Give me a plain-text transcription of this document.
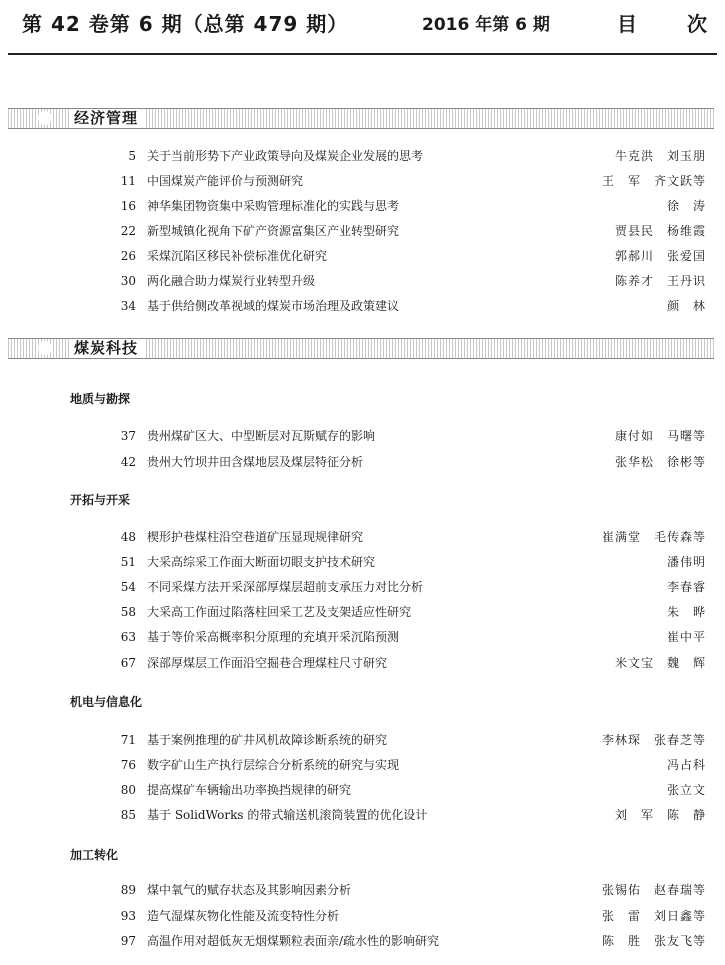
第 42 卷第 6 期（总第 479 期）	2016 年第 6 期	目	次
经济管理
5 关于当前形势下产业政策导向及煤炭企业发展的思考	牛克洪　刘玉朋
11 中国煤炭产能评价与预测研究	王　军　齐文跃等
16 神华集团物资集中采购管理标准化的实践与思考	徐　涛
22 新型城镇化视角下矿产资源富集区产业转型研究	贾县民　杨维霞
26 采煤沉陷区移民补偿标准优化研究	郭郝川　张爱国
30 两化融合助力煤炭行业转型升级	陈养才　王丹识
34 基于供给侧改革视域的煤炭市场治理及政策建议	颜　林
煤炭科技
地质与勘探
37 贵州煤矿区大、中型断层对瓦斯赋存的影响	康付如　马曙等
42 贵州大竹坝井田含煤地层及煤层特征分析	张华松　徐彬等
开拓与开采
48 楔形护巷煤柱沿空巷道矿压显现规律研究	崔满堂　毛传森等
51 大采高综采工作面大断面切眼支护技术研究	潘伟明
54 不同采煤方法开采深部厚煤层超前支承压力对比分析	李春睿
58 大采高工作面过陷落柱回采工艺及支架适应性研究	朱　晔
63 基于等价采高概率积分原理的充填开采沉陷预测	崔中平
67 深部厚煤层工作面沿空掘巷合理煤柱尺寸研究	米文宝　魏　辉
机电与信息化
71 基于案例推理的矿井风机故障诊断系统的研究	李林琛　张春芝等
76 数字矿山生产执行层综合分析系统的研究与实现	冯占科
80 提高煤矿车辆输出功率换挡规律的研究	张立文
85 基于 SolidWorks 的带式输送机滚筒装置的优化设计	刘　军　陈　静
加工转化
89 煤中氧气的赋存状态及其影响因素分析	张锡佑　赵春瑞等
93 造气湿煤灰物化性能及流变特性分析	张　雷　刘日鑫等
97 高温作用对超低灰无烟煤颗粒表面亲/疏水性的影响研究	陈　胜　张友飞等
